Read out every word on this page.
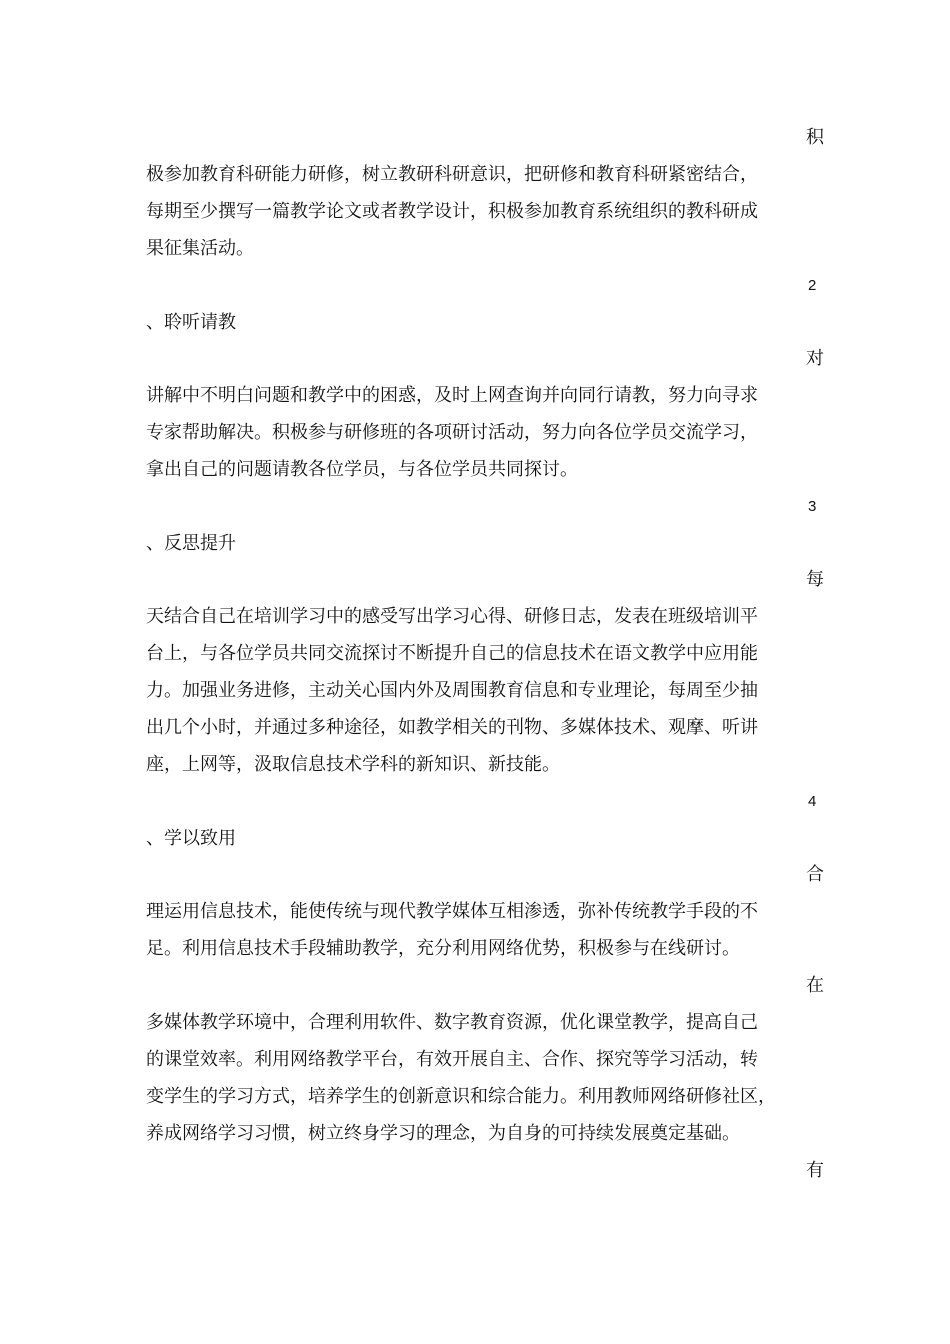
积
极参加教育科研能力研修，树立教研科研意识，把研修和教育科研紧密结合，
每期至少撰写一篇教学论文或者教学设计，积极参加教育系统组织的教科研成
果征集活动。
2
、聆听请教
对
讲解中不明白问题和教学中的困惑，及时上网查询并向同行请教，努力向寻求
专家帮助解决。积极参与研修班的各项研讨活动，努力向各位学员交流学习，
拿出自己的问题请教各位学员，与各位学员共同探讨。
3
、反思提升
每
天结合自己在培训学习中的感受写出学习心得、研修日志，发表在班级培训平
台上，与各位学员共同交流探讨不断提升自己的信息技术在语文教学中应用能
力。加强业务进修，主动关心国内外及周围教育信息和专业理论，每周至少抽
出几个小时，并通过多种途径，如教学相关的刊物、多媒体技术、观摩、听讲
座，上网等，汲取信息技术学科的新知识、新技能。
4
、学以致用
合
理运用信息技术，能使传统与现代教学媒体互相渗透，弥补传统教学手段的不
足。利用信息技术手段辅助教学，充分利用网络优势，积极参与在线研讨。
在
多媒体教学环境中，合理利用软件、数字教育资源，优化课堂教学，提高自己
的课堂效率。利用网络教学平台，有效开展自主、合作、探究等学习活动，转
变学生的学习方式，培养学生的创新意识和综合能力。利用教师网络研修社区，
养成网络学习习惯，树立终身学习的理念，为自身的可持续发展奠定基础。
有
